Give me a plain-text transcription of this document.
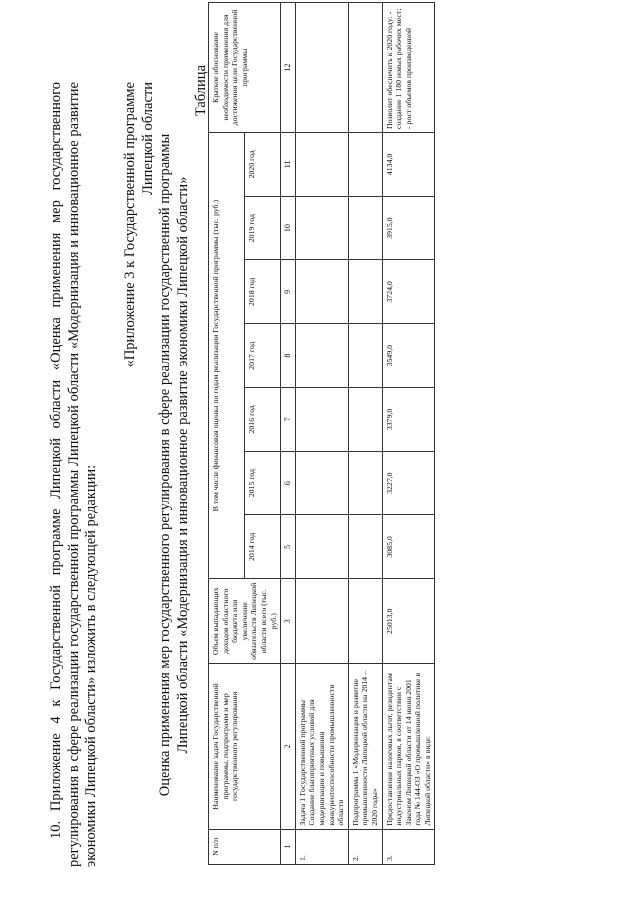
10. Приложение 4 к Государственной программе Липецкой области «Оценка применения мер государственного регулирования в сфере реализации государственной программы Липецкой области «Модернизация и инновационное развитие экономики Липецкой области» изложить в следующей редакции:

«Приложение 3 к Государственной программе Липецкой области Оценка применения мер государственного регулирования в сфере реализации государственной программы Липецкой области «Модернизация и инновационное развитие экономики Липецкой области»
Таблица
N п/п	Наименование задач Государственной программы, подпрограмм и мер государственного регулирования	Объем выпадающих доходов областного бюджета или увеличение обязательств Липецкой области всего (тыс. руб.)	В том числе финансовая оценка по годам реализации Государственной программы (тыс. руб.)							Краткое обоснование необходимости применения для достижения цели Государственной программы
			2014 год	2015 год	2016 год	2017 год	2018 год	2019 год	2020 год	
1	2	3	5	6	7	8	9	10	11	12
1.	Задача 1 Государственной программы Создание благоприятных условий для модернизации и повышения конкурентоспособности промышленности области									
2.	Подпрограмма 1 «Модернизация и развитие промышленности Липецкой области на 2014 – 2020 годы»									
3.	Предоставление налоговых льгот, резидентам индустриальных парков, в соответствии с Законом Липецкой области от 14 июня 2001 года № 144-ОЗ «О промышленной политике в Липецкой области» в виде:	25013,0	3085,0	3227,0	3379,0	3549,0	3724,0	3915,0	4134,0	Позволит обеспечить к 2020 году: - создание 1 180 новых рабочих мест; - рост объемов произведенной
